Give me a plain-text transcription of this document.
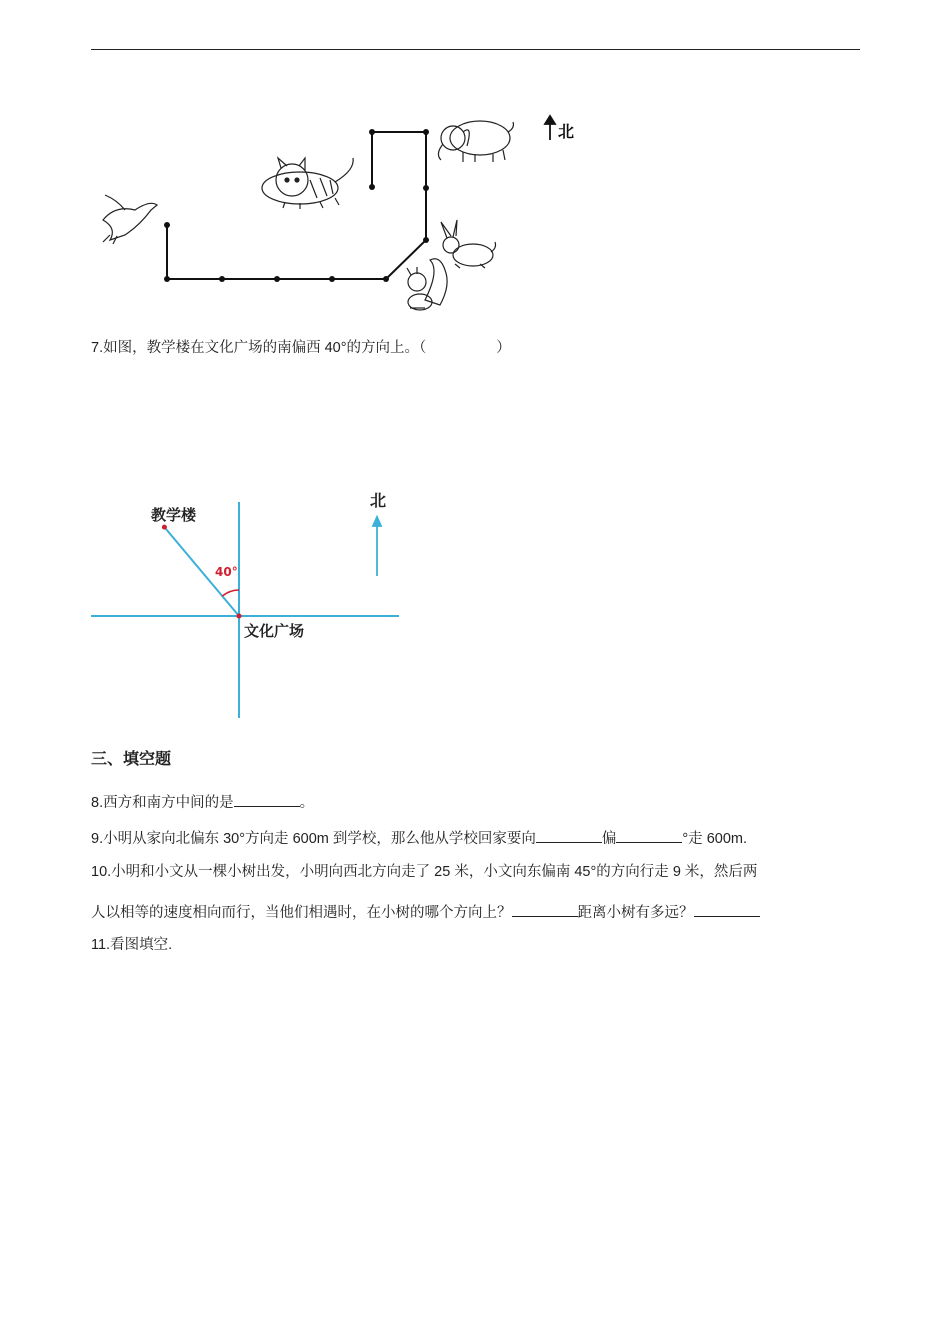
北
7.如图，教学楼在文化广场的南偏西 40°的方向上。（	）
教学楼
40°
文化广场
北
三、填空题
8.西方和南方中间的是	。
9.小明从家向北偏东 30°方向走 600m 到学校，那么他从学校回家要向	偏	°走 600m.
10.小明和小文从一棵小树出发，小明向西北方向走了 25 米，小文向东偏南 45°的方向行走 9 米，然后两
人以相等的速度相向而行，当他们相遇时，在小树的哪个方向上？	距离小树有多远？
11.看图填空.
